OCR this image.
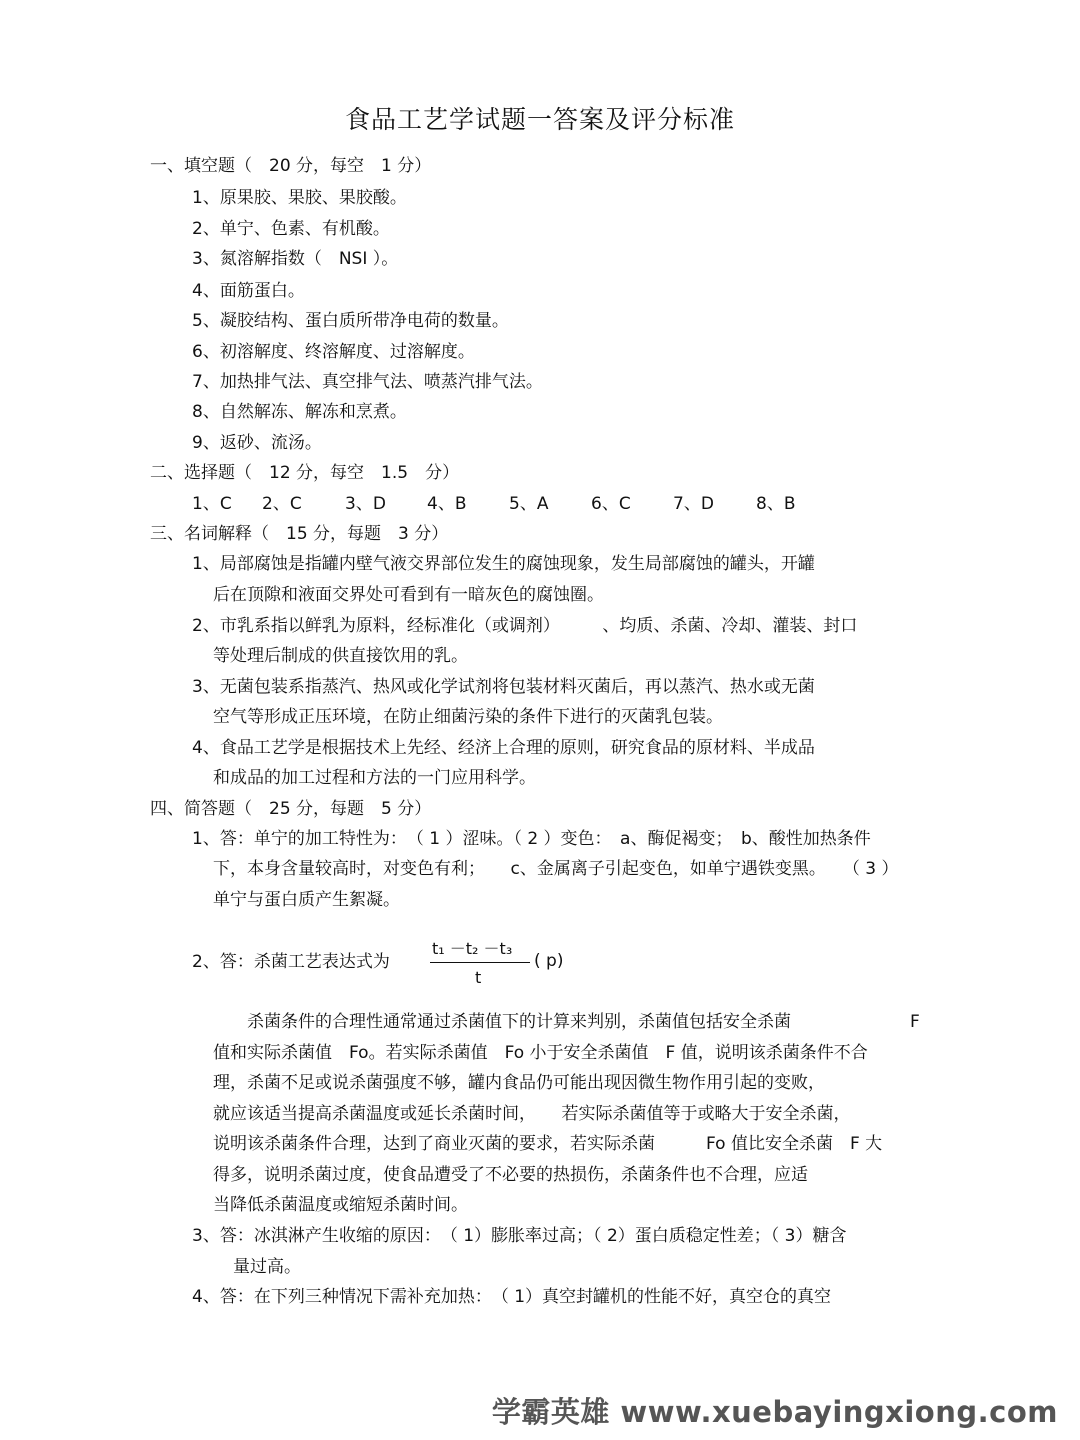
食品工艺学试题一答案及评分标准
一、填空题（　20 分，每空　1 分）
1、原果胶、果胶、果胶酸。
2、单宁、色素、有机酸。
3、氮溶解指数（　NSI ）。
4、面筋蛋白。
5、凝胶结构、蛋白质所带净电荷的数量。
6、初溶解度、终溶解度、过溶解度。
7、加热排气法、真空排气法、喷蒸汽排气法。
8、自然解冻、解冻和烹煮。
9、返砂、流汤。
二、选择题（　12 分，每空　1.5　分）
1、C 2、C	3、D 4、B	5、A	6、C 7、D 8、B
三、名词解释（　15 分，每题　3 分）
1、局部腐蚀是指罐内壁气液交界部位发生的腐蚀现象，发生局部腐蚀的罐头，开罐
后在顶隙和液面交界处可看到有一暗灰色的腐蚀圈。
2、市乳系指以鲜乳为原料，经标准化（或调剂）　　　、均质、杀菌、冷却、灌装、封口
等处理后制成的供直接饮用的乳。
3、无菌包装系指蒸汽、热风或化学试剂将包装材料灭菌后，再以蒸汽、热水或无菌
空气等形成正压环境，在防止细菌污染的条件下进行的灭菌乳包装。
4、食品工艺学是根据技术上先经、经济上合理的原则，研究食品的原材料、半成品
和成品的加工过程和方法的一门应用科学。
四、简答题（　25 分，每题　5 分）
1、答：单宁的加工特性为：　（ 1 ）涩味。（ 2 ）变色：　a、酶促褐变；　b、酸性加热条件
下，本身含量较高时，对变色有利；　　c、金属离子引起变色，如单宁遇铁变黑。　　（ 3 ）
单宁与蛋白质产生絮凝。
2、答：杀菌工艺表达式为
t₁ －t₂ －t₃
t
( p)
　　杀菌条件的合理性通常通过杀菌值下的计算来判别，杀菌值包括安全杀菌　　　　　　　F
值和实际杀菌值　Fo。若实际杀菌值　Fo 小于安全杀菌值　F 值，说明该杀菌条件不合
理，杀菌不足或说杀菌强度不够，罐内食品仍可能出现因微生物作用引起的变败，
就应该适当提高杀菌温度或延长杀菌时间，　　若实际杀菌值等于或略大于安全杀菌，
说明该杀菌条件合理，达到了商业灭菌的要求，若实际杀菌　　　Fo 值比安全杀菌　F 大
得多，说明杀菌过度，使食品遭受了不必要的热损伤，杀菌条件也不合理，应适
当降低杀菌温度或缩短杀菌时间。
3、答：冰淇淋产生收缩的原因：　（ 1）膨胀率过高；（ 2）蛋白质稳定性差；（ 3）糖含
量过高。
4、答：在下列三种情况下需补充加热：　（ 1）真空封罐机的性能不好，真空仓的真空
学霸英雄 www.xuebayingxiong.com
